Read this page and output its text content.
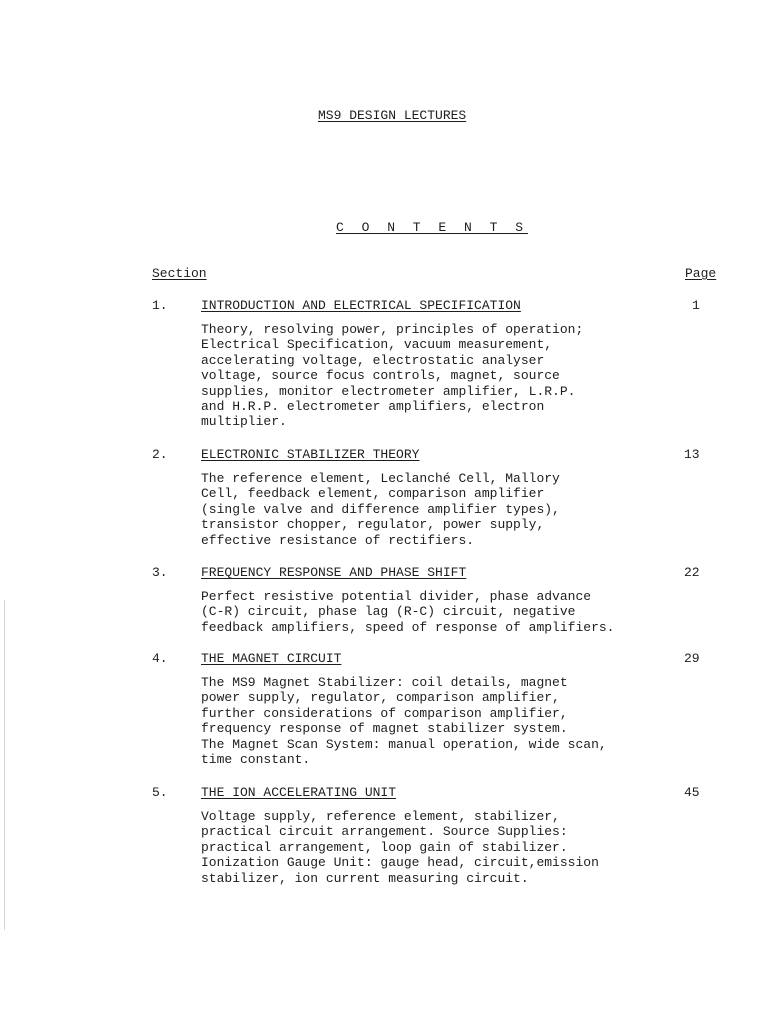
MS9 DESIGN LECTURES
C O N T E N T S
Section	Page
1.	INTRODUCTION AND ELECTRICAL SPECIFICATION	1
Theory, resolving power, principles of operation;
Electrical Specification, vacuum measurement,
accelerating voltage, electrostatic analyser
voltage, source focus controls, magnet, source
supplies, monitor electrometer amplifier, L.R.P.
and H.R.P. electrometer amplifiers, electron
multiplier.
2.	ELECTRONIC STABILIZER THEORY	13
The reference element, Leclanché Cell, Mallory
Cell, feedback element, comparison amplifier
(single valve and difference amplifier types),
transistor chopper, regulator, power supply,
effective resistance of rectifiers.
3.	FREQUENCY RESPONSE AND PHASE SHIFT	22
Perfect resistive potential divider, phase advance
(C-R) circuit, phase lag (R-C) circuit, negative
feedback amplifiers, speed of response of amplifiers.
4.	THE MAGNET CIRCUIT	29
The MS9 Magnet Stabilizer: coil details, magnet
power supply, regulator, comparison amplifier,
further considerations of comparison amplifier,
frequency response of magnet stabilizer system.
The Magnet Scan System: manual operation, wide scan,
time constant.
5.	THE ION ACCELERATING UNIT	45
Voltage supply, reference element, stabilizer,
practical circuit arrangement. Source Supplies:
practical arrangement, loop gain of stabilizer.
Ionization Gauge Unit: gauge head, circuit,emission
stabilizer, ion current measuring circuit.
